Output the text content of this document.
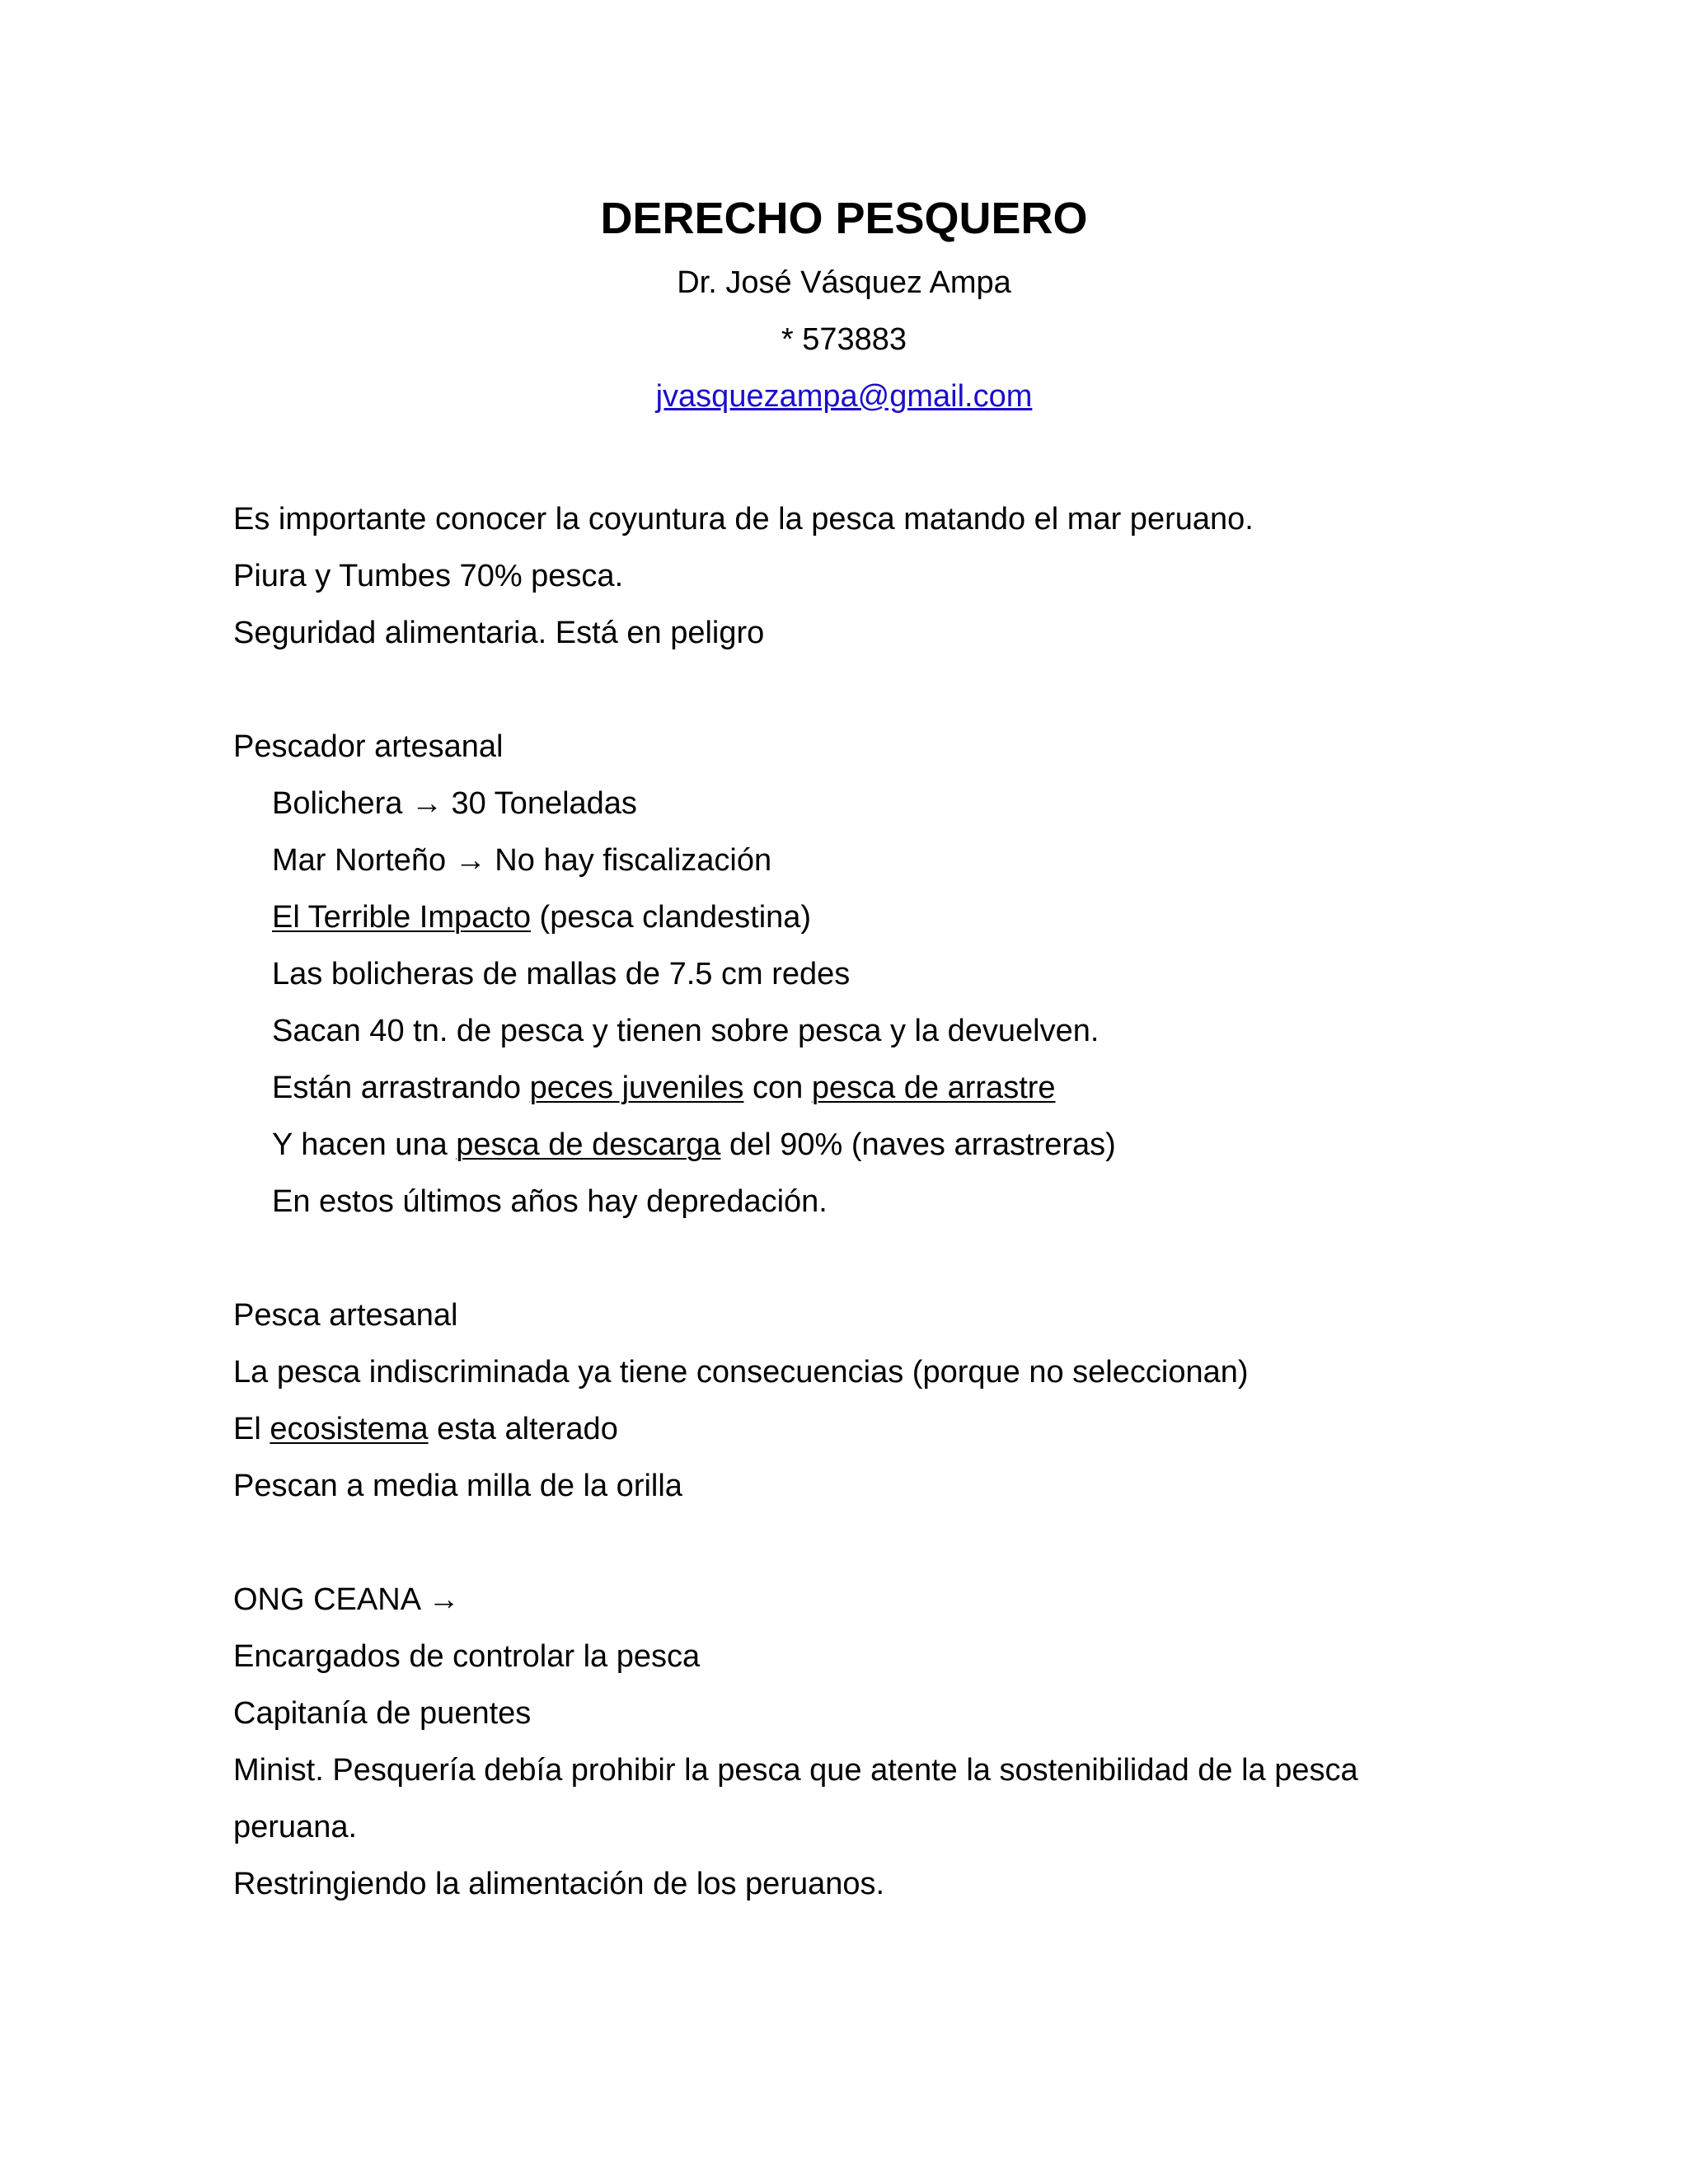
DERECHO PESQUERO
Dr. José Vásquez Ampa
* 573883
jvasquezampa@gmail.com
Es importante conocer la coyuntura de la pesca matando el mar peruano.
Piura y Tumbes 70% pesca.
Seguridad alimentaria. Está en peligro
Pescador artesanal
Bolichera → 30 Toneladas
Mar Norteño → No hay fiscalización
El Terrible Impacto (pesca clandestina)
Las bolicheras de mallas de 7.5 cm redes
Sacan 40 tn. de pesca y tienen sobre pesca y la devuelven.
Están arrastrando peces juveniles con pesca de arrastre
Y hacen una pesca de descarga del 90% (naves arrastreras)
En estos últimos años hay depredación.
Pesca artesanal
La pesca indiscriminada ya tiene consecuencias (porque no seleccionan)
El ecosistema esta alterado
Pescan a media milla de la orilla
ONG CEANA →
Encargados de controlar la pesca
Capitanía de puentes
Minist. Pesquería debía prohibir la pesca que atente la sostenibilidad de la pesca
peruana.
Restringiendo la alimentación de los peruanos.
